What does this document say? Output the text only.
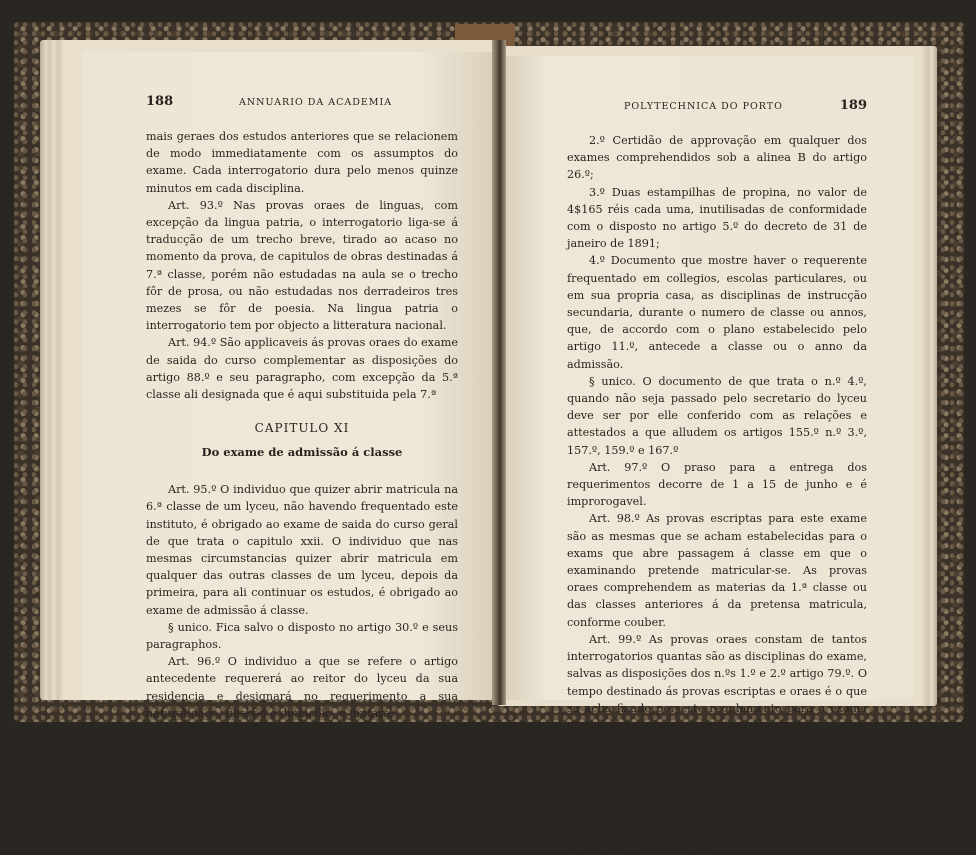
188	ANNUARIO DA ACADEMIA

mais geraes dos estudos anteriores que se relacionem de modo immediatamente com os assumptos do exame. Cada interrogatorio dura pelo menos quinze minutos em cada disciplina.

Art. 93.º Nas provas oraes de linguas, com excepção da lingua patria, o interrogatorio liga-se á traducção de um trecho breve, tirado ao acaso no momento da prova, de capitulos de obras destinadas á 7.ª classe, porém não estudadas na aula se o trecho fôr de prosa, ou não estudadas nos derradeiros tres mezes se fôr de poesia. Na lingua patria o interrogatorio tem por objecto a litteratura nacional.

Art. 94.º São applicaveis ás provas oraes do exame de saida do curso complementar as disposições do artigo 88.º e seu paragrapho, com excepção da 5.ª classe ali designada que é aqui substituida pela 7.ª

CAPITULO XI
Do exame de admissão á classe

Art. 95.º O individuo que quizer abrir matricula na 6.ª classe de um lyceu, não havendo frequentado este instituto, é obrigado ao exame de saida do curso geral de que trata o capitulo xxii. O individuo que nas mesmas circumstancias quizer abrir matricula em qualquer das outras classes de um lyceu, depois da primeira, para ali continuar os estudos, é obrigado ao exame de admissão á classe.

§ unico. Fica salvo o disposto no artigo 30.º e seus paragraphos.

Art. 96.º O individuo a que se refere o artigo antecedente requererá ao reitor do lyceu da sua residencia e designará no requerimento a sua naturalidade, filiação e domicilio, e juntará:

1.º Certidão de idade por onde mostre que terá em tempo competente a idade correspondente á classe em que pretende entrar;

POLYTECHNICA DO PORTO	189

2.º Certidão de approvação em qualquer dos exames comprehendidos sob a alinea B do artigo 26.º;

3.º Duas estampilhas de propina, no valor de 4$165 réis cada uma, inutilisadas de conformidade com o disposto no artigo 5.º do decreto de 31 de janeiro de 1891;

4.º Documento que mostre haver o requerente frequentado em collegios, escolas particulares, ou em sua propria casa, as disciplinas de instrucção secundaria, durante o numero de classe ou annos, que, de accordo com o plano estabelecido pelo artigo 11.º, antecede a classe ou o anno da admissão.

§ unico. O documento de que trata o n.º 4.º, quando não seja passado pelo secretario do lyceu deve ser por elle conferido com as relações e attestados a que alludem os artigos 155.º n.º 3.º, 157.º, 159.º e 167.º

Art. 97.º O praso para a entrega dos requerimentos decorre de 1 a 15 de junho e é improrogavel.

Art. 98.º As provas escriptas para este exame são as mesmas que se acham estabelecidas para o exams que abre passagem á classe em que o examinando pretende matricular-se. As provas oraes comprehendem as materias da 1.ª classe ou das classes anteriores á da pretensa matricula, conforme couber.

Art. 99.º As provas oraes constam de tantos interrogatorios quantas são as disciplinas do exame, salvas as disposições dos n.ºs 1.º e 2.º artigo 79.º. O tempo destinado ás provas escriptas e oraes é o que se acha fixado por este regulamento para o exame na classe que o requerente tem de provar.

Art. 100.º As provas escriptas são applicaveis as disposições dos artigos 77.º e 78.º e seu § 1.º

Art. 101.º Concluidas as provas oraes em cada dia o jury procede, com respeito a cada alumno, á votação por disciplina. A votação regula-se pelo que fica disposto para os exames de passagem nos §§ 1.º, 2.º e 5.º do artigo 81.º
